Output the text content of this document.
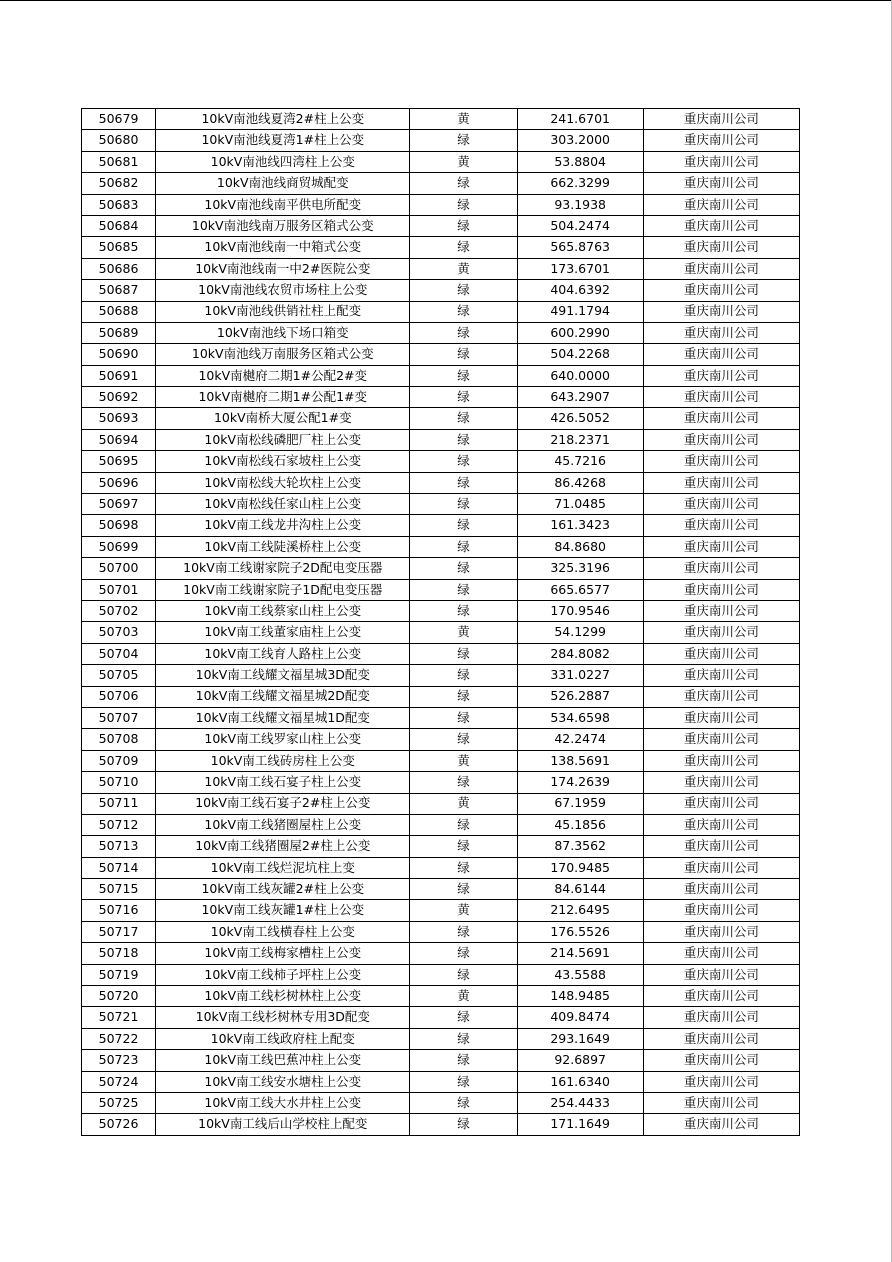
50679	10kV南池线夏湾2#柱上公变	黄	241.6701	重庆南川公司
50680	10kV南池线夏湾1#柱上公变	绿	303.2000	重庆南川公司
50681	10kV南池线四湾柱上公变	黄	53.8804	重庆南川公司
50682	10kV南池线商贸城配变	绿	662.3299	重庆南川公司
50683	10kV南池线南平供电所配变	绿	93.1938	重庆南川公司
50684	10kV南池线南万服务区箱式公变	绿	504.2474	重庆南川公司
50685	10kV南池线南一中箱式公变	绿	565.8763	重庆南川公司
50686	10kV南池线南一中2#医院公变	黄	173.6701	重庆南川公司
50687	10kV南池线农贸市场柱上公变	绿	404.6392	重庆南川公司
50688	10kV南池线供销社柱上配变	绿	491.1794	重庆南川公司
50689	10kV南池线下场口箱变	绿	600.2990	重庆南川公司
50690	10kV南池线万南服务区箱式公变	绿	504.2268	重庆南川公司
50691	10kV南樾府二期1#公配2#变	绿	640.0000	重庆南川公司
50692	10kV南樾府二期1#公配1#变	绿	643.2907	重庆南川公司
50693	10kV南桥大厦公配1#变	绿	426.5052	重庆南川公司
50694	10kV南松线磷肥厂柱上公变	绿	218.2371	重庆南川公司
50695	10kV南松线石家坡柱上公变	绿	45.7216	重庆南川公司
50696	10kV南松线大轮坎柱上公变	绿	86.4268	重庆南川公司
50697	10kV南松线任家山柱上公变	绿	71.0485	重庆南川公司
50698	10kV南工线龙井沟柱上公变	绿	161.3423	重庆南川公司
50699	10kV南工线陡溪桥柱上公变	绿	84.8680	重庆南川公司
50700	10kV南工线谢家院子2D配电变压器	绿	325.3196	重庆南川公司
50701	10kV南工线谢家院子1D配电变压器	绿	665.6577	重庆南川公司
50702	10kV南工线蔡家山柱上公变	绿	170.9546	重庆南川公司
50703	10kV南工线董家庙柱上公变	黄	54.1299	重庆南川公司
50704	10kV南工线育人路柱上公变	绿	284.8082	重庆南川公司
50705	10kV南工线耀文福星城3D配变	绿	331.0227	重庆南川公司
50706	10kV南工线耀文福星城2D配变	绿	526.2887	重庆南川公司
50707	10kV南工线耀文福星城1D配变	绿	534.6598	重庆南川公司
50708	10kV南工线罗家山柱上公变	绿	42.2474	重庆南川公司
50709	10kV南工线砖房柱上公变	黄	138.5691	重庆南川公司
50710	10kV南工线石宴子柱上公变	绿	174.2639	重庆南川公司
50711	10kV南工线石宴子2#柱上公变	黄	67.1959	重庆南川公司
50712	10kV南工线猪圈屋柱上公变	绿	45.1856	重庆南川公司
50713	10kV南工线猪圈屋2#柱上公变	绿	87.3562	重庆南川公司
50714	10kV南工线烂泥坑柱上变	绿	170.9485	重庆南川公司
50715	10kV南工线灰罐2#柱上公变	绿	84.6144	重庆南川公司
50716	10kV南工线灰罐1#柱上公变	黄	212.6495	重庆南川公司
50717	10kV南工线横春柱上公变	绿	176.5526	重庆南川公司
50718	10kV南工线梅家槽柱上公变	绿	214.5691	重庆南川公司
50719	10kV南工线柿子坪柱上公变	绿	43.5588	重庆南川公司
50720	10kV南工线杉树林柱上公变	黄	148.9485	重庆南川公司
50721	10kV南工线杉树林专用3D配变	绿	409.8474	重庆南川公司
50722	10kV南工线政府柱上配变	绿	293.1649	重庆南川公司
50723	10kV南工线巴蕉冲柱上公变	绿	92.6897	重庆南川公司
50724	10kV南工线安水塘柱上公变	绿	161.6340	重庆南川公司
50725	10kV南工线大水井柱上公变	绿	254.4433	重庆南川公司
50726	10kV南工线后山学校柱上配变	绿	171.1649	重庆南川公司
